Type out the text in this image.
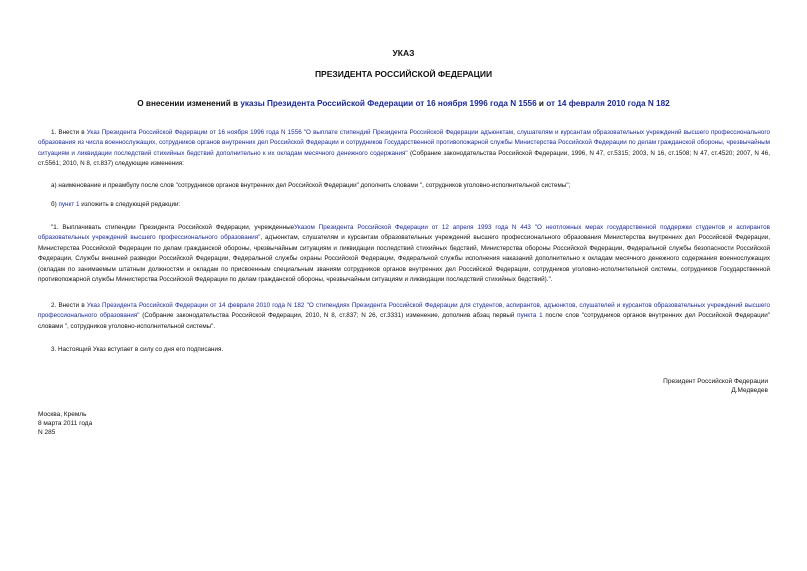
УКАЗ
ПРЕЗИДЕНТА РОССИЙСКОЙ ФЕДЕРАЦИИ
О внесении изменений в указы Президента Российской Федерации от 16 ноября 1996 года N 1556 и от 14 февраля 2010 года N 182
1. Внести в Указ Президента Российской Федерации от 16 ноября 1996 года N 1556 "О выплате стипендий Президента Российской Федерации адъюнктам, слушателям и курсантам образовательных учреждений высшего профессионального образования из числа военнослужащих, сотрудников органов внутренних дел Российской Федерации и сотрудников Государственной противопожарной службы Министерства Российской Федерации по делам гражданской обороны, чрезвычайным ситуациям и ликвидации последствий стихийных бедствий дополнительно к их окладам месячного денежного содержания" (Собрание законодательства Российской Федерации, 1996, N 47, ст.5315; 2003, N 16, ст.1508; N 47, ст.4520; 2007, N 46, ст.5561; 2010, N 8, ст.837) следующие изменения:
а) наименование и преамбулу после слов "сотрудников органов внутренних дел Российской Федерации" дополнить словами ", сотрудников уголовно-исполнительной системы";
б) пункт 1 изложить в следующей редакции:
"1. Выплачивать стипендии Президента Российской Федерации, учрежденныеУказом Президента Российской Федерации от 12 апреля 1993 года N 443 "О неотложных мерах государственной поддержки студентов и аспирантов образовательных учреждений высшего профессионального образования", адъюнктам, слушателям и курсантам образовательных учреждений высшего профессионального образования Министерства внутренних дел Российской Федерации, Министерства Российской Федерации по делам гражданской обороны, чрезвычайным ситуациям и ликвидации последствий стихийных бедствий, Министерства обороны Российской Федерации, Федеральной службы безопасности Российской Федерации, Службы внешней разведки Российской Федерации, Федеральной службы охраны Российской Федерации, Федеральной службы исполнения наказаний дополнительно к окладам месячного денежного содержания военнослужащих (окладам по занимаемым штатным должностям и окладам по присвоенным специальным званиям сотрудников органов внутренних дел Российской Федерации, сотрудников уголовно-исполнительной системы, сотрудников Государственной противопожарной службы Министерства Российской Федерации по делам гражданской обороны, чрезвычайным ситуациям и ликвидации последствий стихийных бедствий).".
2. Внести в Указ Президента Российской Федерации от 14 февраля 2010 года N 182 "О стипендиях Президента Российской Федерации для студентов, аспирантов, адъюнктов, слушателей и курсантов образовательных учреждений высшего профессионального образования" (Собрание законодательства Российской Федерации, 2010, N 8, ст.837; N 26, ст.3331) изменение, дополнив абзац первый пункта 1 после слов "сотрудников органов внутренних дел Российской Федерации" словами ", сотрудников уголовно-исполнительной системы".
3. Настоящий Указ вступает в силу со дня его подписания.
Президент Российской Федерации
Д.Медведев
Москва, Кремль
8 марта 2011 года
N 285
